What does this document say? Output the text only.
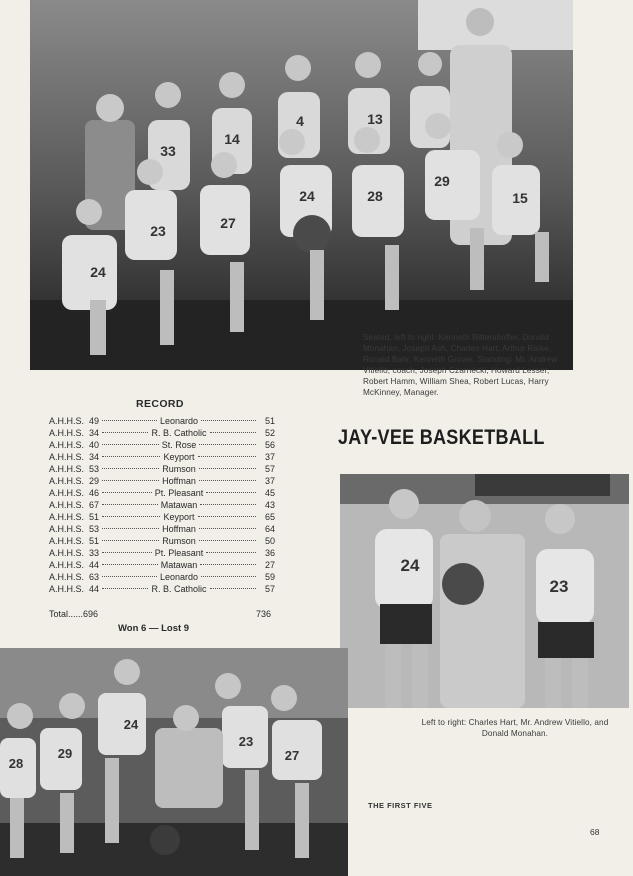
33
14
4	13
23	27
24	28
29
15
24
Seated, left to right: Kenneth Rittershoffer, Donald Monahan, Joseph Ash, Charles Hart, Arthur Raike, Ronald Bahr, Kenneth Grover. Standing: Mr. Andrew Vitiello, coach; Joseph Czarnecki, Howard Lesser, Robert Hamm, William Shea, Robert Lucas, Harry McKinney, Manager.
RECORD
A.H.H.S. 49	Leonardo	51
A.H.H.S. 34	R. B. Catholic	52
A.H.H.S. 40	St. Rose	56
A.H.H.S. 34	Keyport	37
A.H.H.S. 53	Rumson	57
A.H.H.S. 29	Hoffman	37
A.H.H.S. 46	Pt. Pleasant	45
A.H.H.S. 67	Matawan	43
A.H.H.S. 51	Keyport	65
A.H.H.S. 53	Hoffman	64
A.H.H.S. 51	Rumson	50
A.H.H.S. 33	Pt. Pleasant	36
A.H.H.S. 44	Matawan	27
A.H.H.S. 63	Leonardo	59
A.H.H.S. 44	R. B. Catholic	57
Total......696	736
Won 6 — Lost 9
JAY-VEE BASKETBALL
24
23
Left to right: Charles Hart, Mr. Andrew Vitiello, and Donald Monahan.
28
29
24
23
27
THE FIRST FIVE
68
